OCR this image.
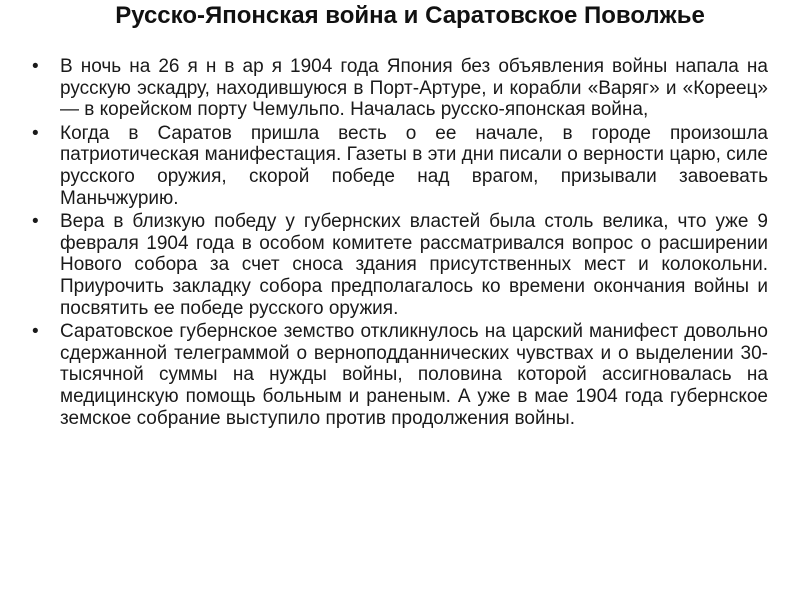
Русско-Японская война и Саратовское Поволжье
• В ночь на 26 я н в ар я 1904 года Япония без объявления войны напала на русскую эскадру, находившуюся в Порт-Артуре, и корабли «Варяг» и «Кореец» — в корейском порту Чемульпо. Началась русско-японская война,
• Когда в Саратов пришла весть о ее начале, в городе произошла патриотическая манифестация. Газеты в эти дни писали о верности царю, силе русского оружия, скорой победе над врагом, призывали завоевать Маньчжурию.
• Вера в близкую победу у губернских властей была столь велика, что уже 9 февраля 1904 года в особом комитете рассматривался вопрос о расширении Нового собора за счет сноса здания присутственных мест и колокольни. Приурочить закладку собора предполагалось ко времени окончания войны и посвятить ее победе русского оружия.
• Саратовское губернское земство откликнулось на царский манифест довольно сдержанной телеграммой о верноподданнических чувствах и о выделении 30-тысячной суммы на нужды войны, половина которой ассигновалась на медицинскую помощь больным и раненым. А уже в мае 1904 года губернское земское собрание выступило против продолжения войны.
